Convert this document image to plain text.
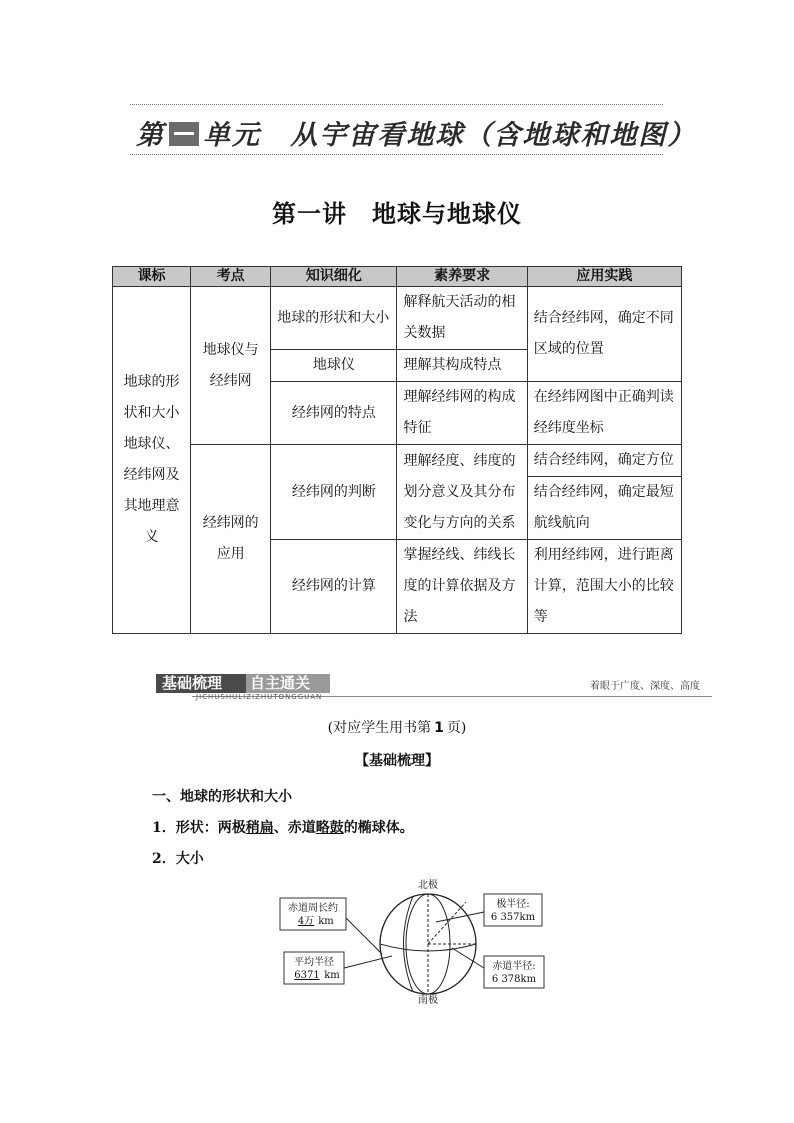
第 单元 从宇宙看地球（含地球和地图）
第一讲　地球与地球仪
课标	考点	知识细化	素养要求	应用实践
地球的形状和大小地球仪、经纬网及其地理意义	地球仪与经纬网	地球的形状和大小	解释航天活动的相关数据	结合经纬网，确定不同区域的位置
		地球仪	理解其构成特点	
		经纬网的特点	理解经纬网的构成特征	在经纬网图中正确判读经纬度坐标
	经纬网的应用	经纬网的判断	理解经度、纬度的划分意义及其分布变化与方向的关系	结合经纬网，确定方位
				结合经纬网，确定最短航线航向
		经纬网的计算	掌握经线、纬线长度的计算依据及方法	利用经纬网，进行距离计算，范围大小的比较等
基础梳理	自主通关
JICHUSHULIZIZHUTONGGUAN
着眼于广度、深度、高度
(对应学生用书第 1 页)
【基础梳理】
一、地球的形状和大小
1．形状：两极稍扁、赤道略鼓的椭球体。
2．大小
赤道周长约
4万 km
平均半径
6371 km
极半径:
6 357km
赤道半径:
6 378km
北极
南极
